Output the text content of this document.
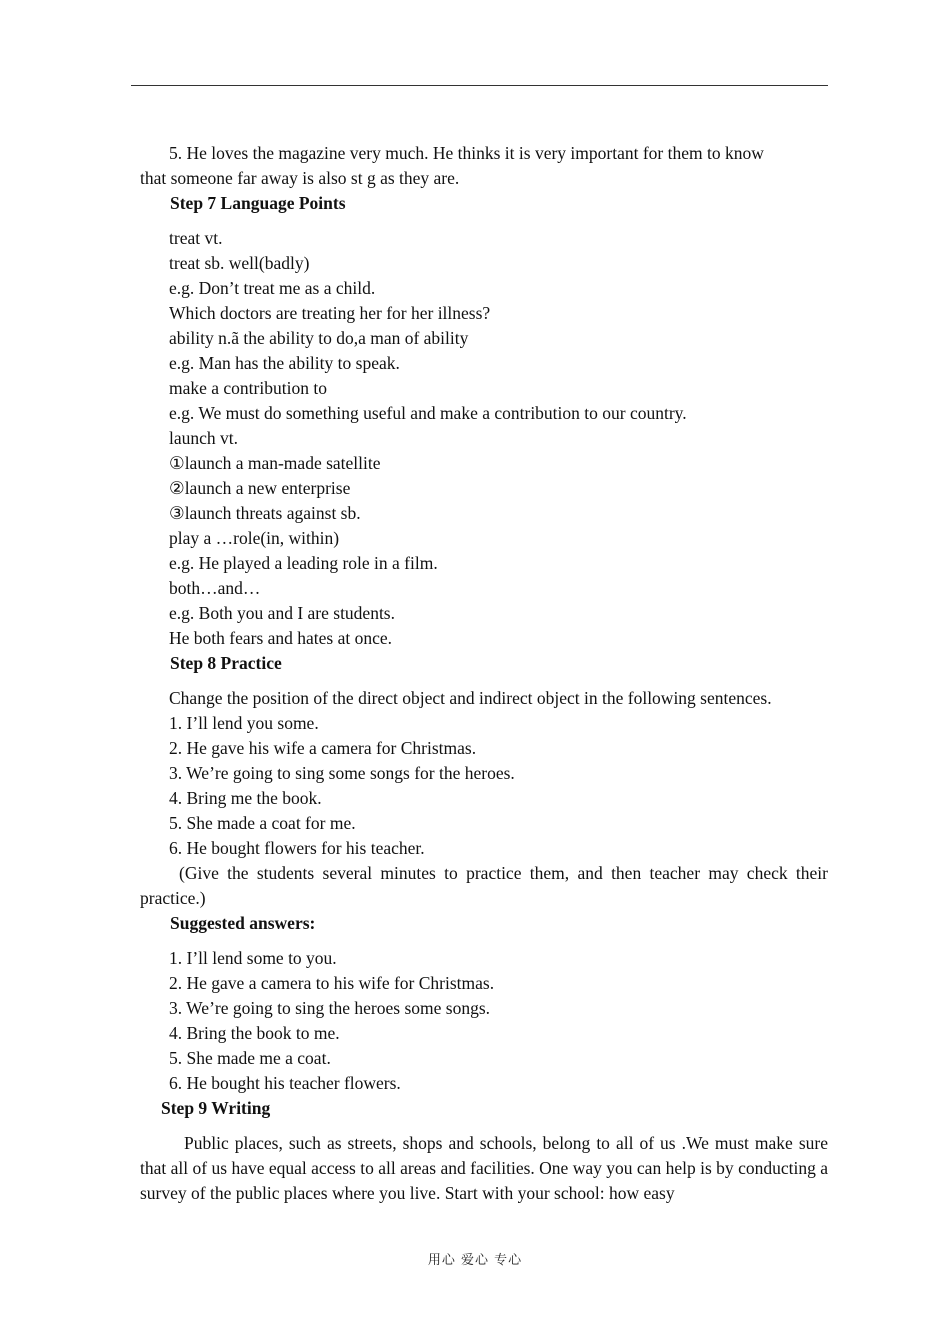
5. He loves the magazine very much. He thinks it is very important for them to know

that someone far away is also st g as they are.

Step 7 Language Points

treat vt.

treat sb. well(badly)

e.g. Don’t treat me as a child.

Which doctors are treating her for her illness?

ability n.ã the ability to do,a man of ability

e.g. Man has the ability to speak.

make a contribution to

e.g. We must do something useful and make a contribution to our country.

launch vt.

①launch a man-made satellite

②launch a new enterprise

③launch threats against sb.

play a …role(in, within)

e.g. He played a leading role in a film.

both…and…

e.g. Both you and I are students.

He both fears and hates at once.

Step 8 Practice

Change the position of the direct object and indirect object in the following sentences.

1. I’ll lend you some.

2. He gave his wife a camera for Christmas.

3. We’re going to sing some songs for the heroes.

4. Bring me the book.

5. She made a coat for me.

6. He bought flowers for his teacher.

(Give the students several minutes to practice them, and then teacher may check their practice.)

Suggested answers:

1. I’ll lend some to you.

2. He gave a camera to his wife for Christmas.

3. We’re going to sing the heroes some songs.

4. Bring the book to me.

5. She made me a coat.

6. He bought his teacher flowers.

Step 9 Writing

Public places, such as streets, shops and schools, belong to all of us .We must make sure that all of us have equal access to all areas and facilities. One way you can help is by conducting a survey of the public places where you live. Start with your school: how easy

用心 爱心 专心
